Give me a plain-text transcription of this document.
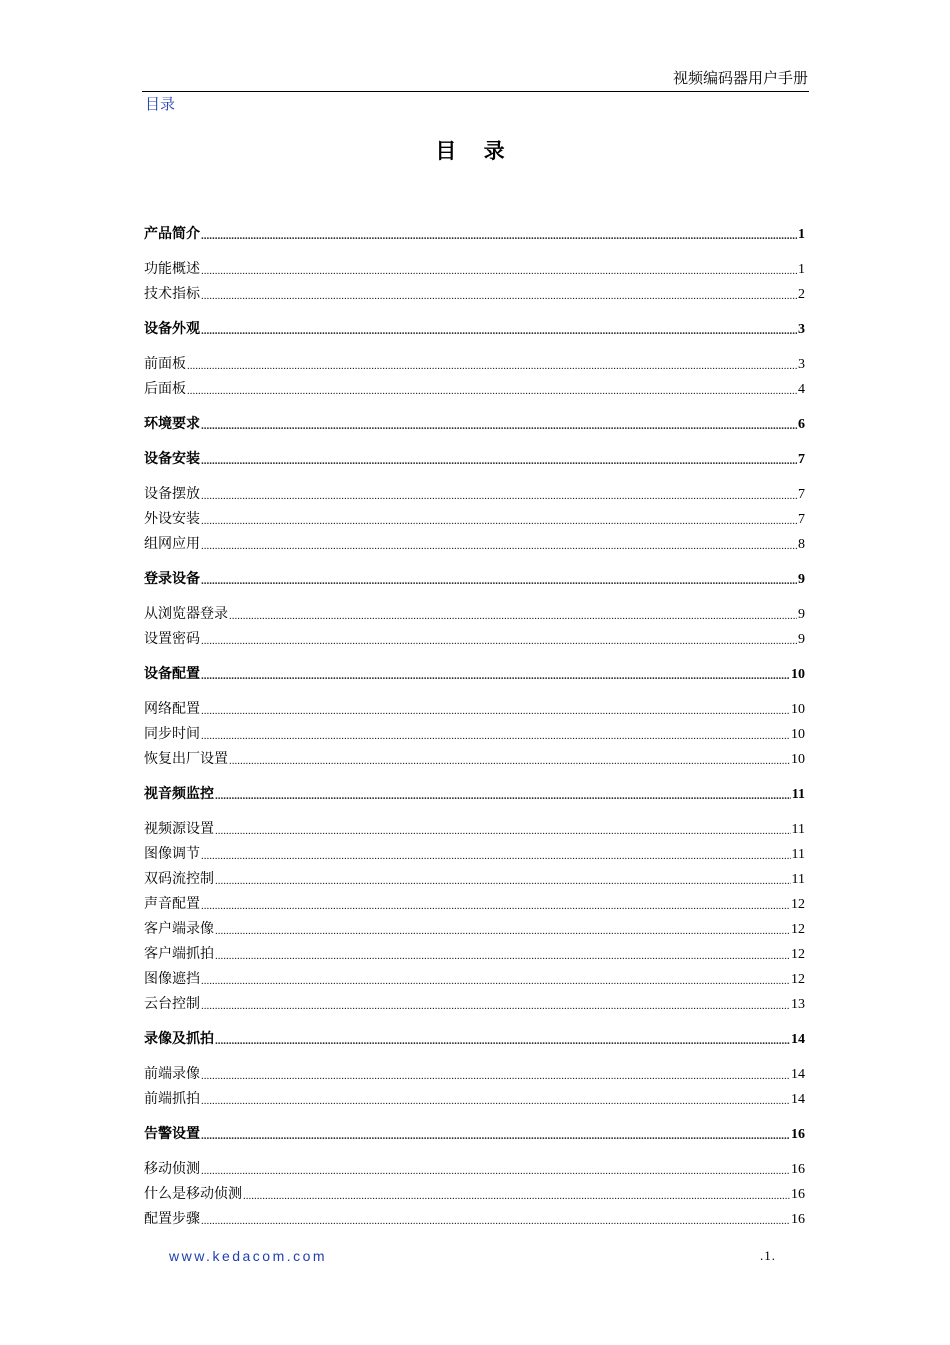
视频编码器用户手册
目录
目 录
产品简介 .....	1
功能概述 .....	1
技术指标 .....	2
设备外观 .....	3
前面板 .....	3
后面板 .....	4
环境要求 .....	6
设备安装 .....	7
设备摆放 .....	7
外设安装 .....	7
组网应用 .....	8
登录设备 .....	9
从浏览器登录 .....	9
设置密码 .....	9
设备配置 .....	10
网络配置 .....	10
同步时间 .....	10
恢复出厂设置 .....	10
视音频监控 .....	11
视频源设置 .....	11
图像调节 .....	11
双码流控制 .....	11
声音配置 .....	12
客户端录像 .....	12
客户端抓拍 .....	12
图像遮挡 .....	12
云台控制 .....	13
录像及抓拍 .....	14
前端录像 .....	14
前端抓拍 .....	14
告警设置 .....	16
移动侦测 .....	16
什么是移动侦测 .....	16
配置步骤 .....	16
www.kedacom.com	.1.
